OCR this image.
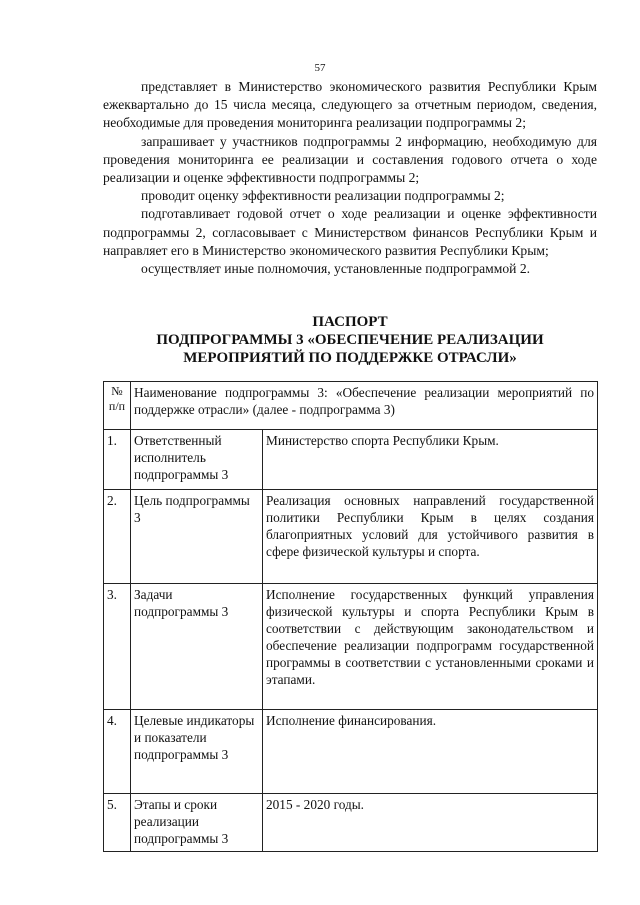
57

представляет в Министерство экономического развития Республики Крым ежеквартально до 15 числа месяца, следующего за отчетным периодом, сведения, необходимые для проведения мониторинга реализации подпрограммы 2;

запрашивает у участников подпрограммы 2 информацию, необходимую для проведения мониторинга ее реализации и составления годового отчета о ходе реализации и оценке эффективности подпрограммы 2;

проводит оценку эффективности реализации подпрограммы 2;

подготавливает годовой отчет о ходе реализации и оценке эффективности подпрограммы 2, согласовывает с Министерством финансов Республики Крым и направляет его в Министерство экономического развития Республики Крым;

осуществляет иные полномочия, установленные подпрограммой 2.

ПАСПОРТ
ПОДПРОГРАММЫ 3 «ОБЕСПЕЧЕНИЕ РЕАЛИЗАЦИИ
МЕРОПРИЯТИЙ ПО ПОДДЕРЖКЕ ОТРАСЛИ»
№ п/п	Наименование подпрограммы 3: «Обеспечение реализации мероприятий по поддержке отрасли» (далее - подпрограмма 3)	
1.	Ответственный исполнитель подпрограммы 3	Министерство спорта Республики Крым.
2.	Цель подпрограммы 3	Реализация основных направлений государственной политики Республики Крым в целях создания благоприятных условий для устойчивого развития в сфере физической культуры и спорта.
3.	Задачи подпрограммы 3	Исполнение государственных функций управления физической культуры и спорта Республики Крым в соответствии с действующим законодательством и обеспечение реализации подпрограмм государственной программы в соответствии с установленными сроками и этапами.
4.	Целевые индикаторы и показатели подпрограммы 3	Исполнение финансирования.
5.	Этапы и сроки реализации подпрограммы 3	2015 - 2020 годы.
